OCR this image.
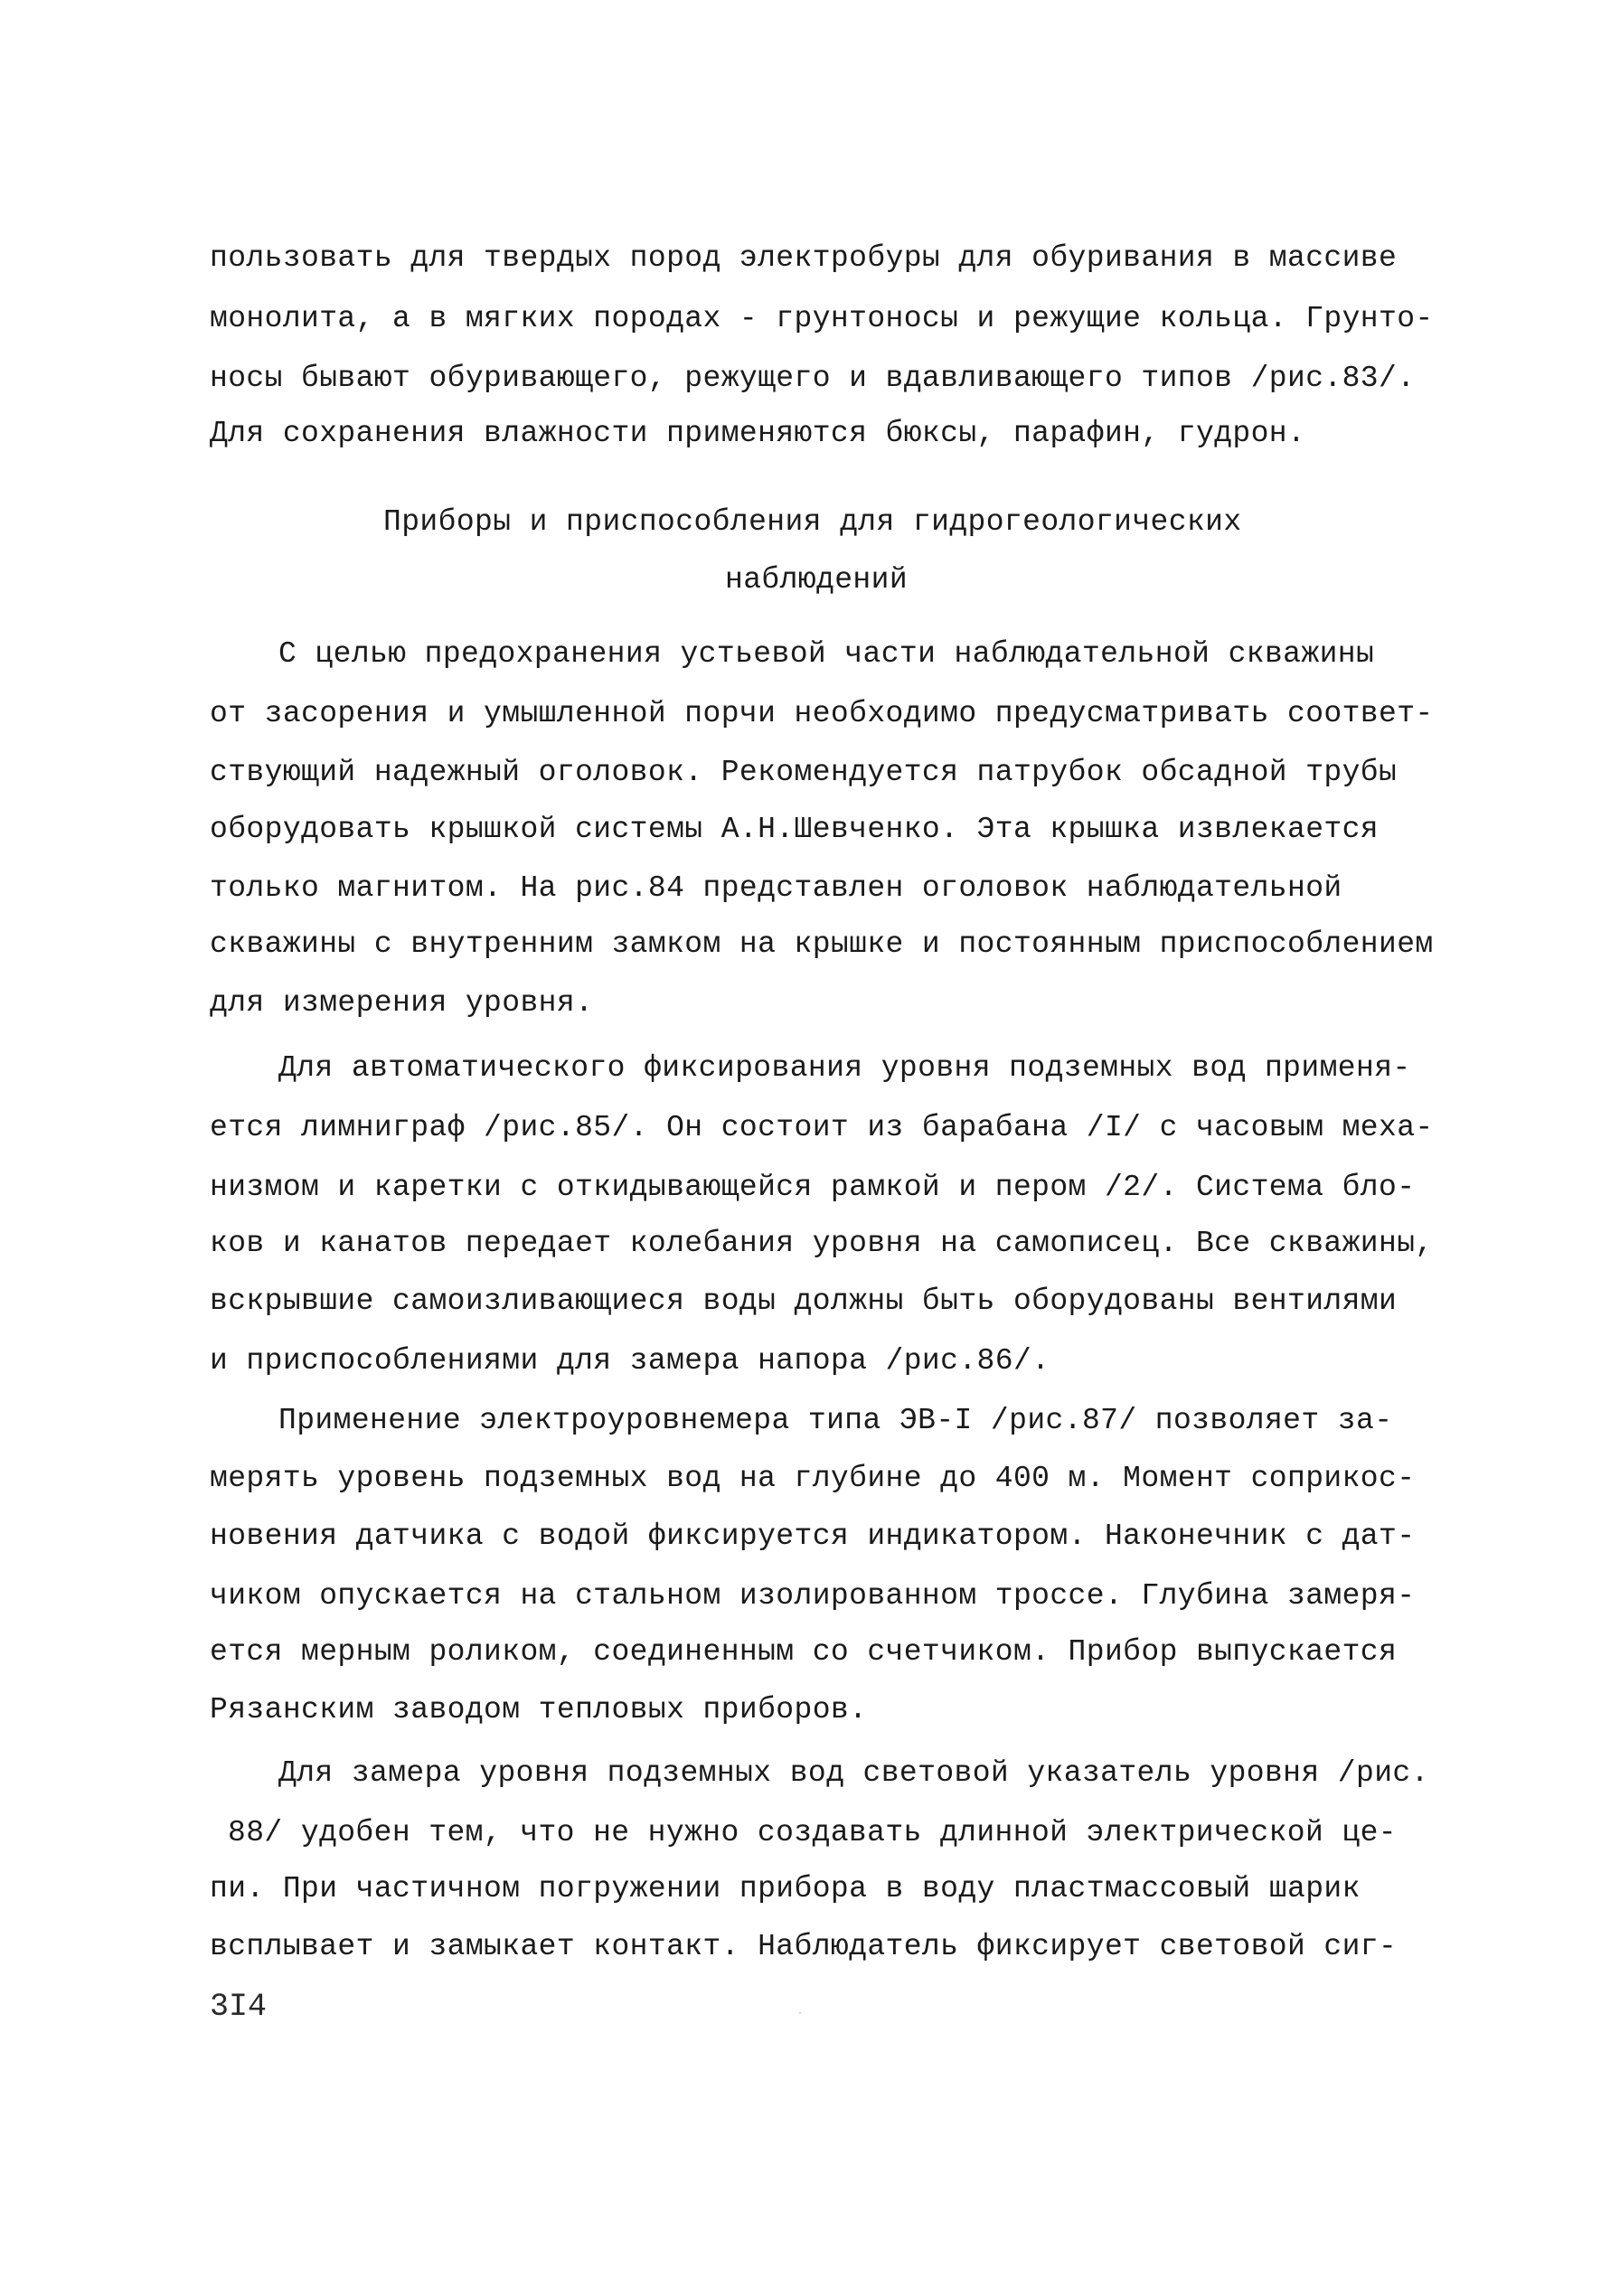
пользовать для твердых пород электробуры для обуривания в массиве
монолита, а в мягких породах - грунтоносы и режущие кольца. Грунто-
носы бывают обуривающего, режущего и вдавливающего типов /рис.83/.
Для сохранения влажности применяются бюксы, парафин, гудрон.
Приборы и приспособления для гидрогеологических
наблюдений
С целью предохранения устьевой части наблюдательной скважины
от засорения и умышленной порчи необходимо предусматривать соответ-
ствующий надежный оголовок. Рекомендуется патрубок обсадной трубы
оборудовать крышкой системы А.Н.Шевченко. Эта крышка извлекается
только магнитом. На рис.84 представлен оголовок наблюдательной
скважины с внутренним замком на крышке и постоянным приспособлением
для измерения уровня.
Для автоматического фиксирования уровня подземных вод применя-
ется лимниграф /рис.85/. Он состоит из барабана /I/ с часовым меха-
низмом и каретки с откидывающейся рамкой и пером /2/. Система бло-
ков и канатов передает колебания уровня на самописец. Все скважины,
вскрывшие самоизливающиеся воды должны быть оборудованы вентилями
и приспособлениями для замера напора /рис.86/.
Применение электроуровнемера типа ЭВ-I /рис.87/ позволяет за-
мерять уровень подземных вод на глубине до 400 м. Момент соприкос-
новения датчика с водой фиксируется индикатором. Наконечник с дат-
чиком опускается на стальном изолированном троссе. Глубина замеря-
ется мерным роликом, соединенным со счетчиком. Прибор выпускается
Рязанским заводом тепловых приборов.
Для замера уровня подземных вод световой указатель уровня /рис.
88/ удобен тем, что не нужно создавать длинной электрической це-
пи. При частичном погружении прибора в воду пластмассовый шарик
всплывает и замыкает контакт. Наблюдатель фиксирует световой сиг-
3I4
